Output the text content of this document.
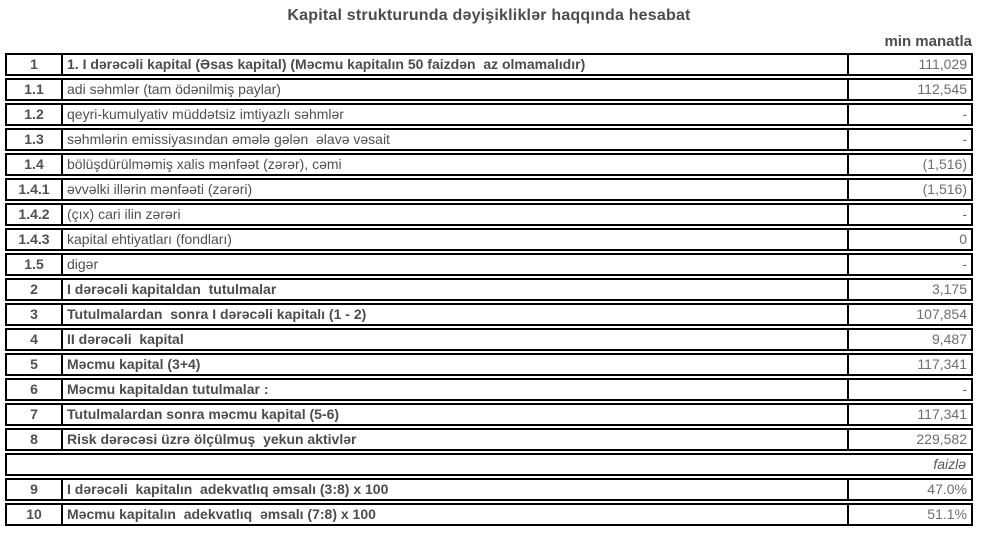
Kapital strukturunda dəyişikliklər haqqında hesabat
min manatla
1	1. I dərəcəli kapital (Əsas kapital) (Məcmu kapitalın 50 faizdən  az olmamalıdır)	111,029
1.1	adi səhmlər (tam ödənilmiş paylar)	112,545
1.2	qeyri-kumulyativ müddətsiz imtiyazlı səhmlər	-
1.3	səhmlərin emissiyasından əmələ gələn  əlavə vəsait	-
1.4	bölüşdürülməmiş xalis mənfəət (zərər), cəmi	(1,516)
1.4.1	əvvəlki illərin mənfəəti (zərəri)	(1,516)
1.4.2	(çıx) cari ilin zərəri	-
1.4.3	kapital ehtiyatları (fondları)	0
1.5	digər	-
2	I dərəcəli kapitaldan  tutulmalar	3,175
3	Tutulmalardan  sonra I dərəcəli kapitalı (1 - 2)	107,854
4	II dərəcəli  kapital	9,487
5	Məcmu kapital (3+4)	117,341
6	Məcmu kapitaldan tutulmalar :	-
7	Tutulmalardan sonra məcmu kapital (5-6)	117,341
8	Risk dərəcəsi üzrə ölçülmuş  yekun aktivlər	229,582
faizlə
9	I dərəcəli  kapitalın  adekvatlıq əmsalı (3:8) x 100	47.0%
10	Məcmu kapitalın  adekvatlıq  əmsalı (7:8) x 100	51.1%
